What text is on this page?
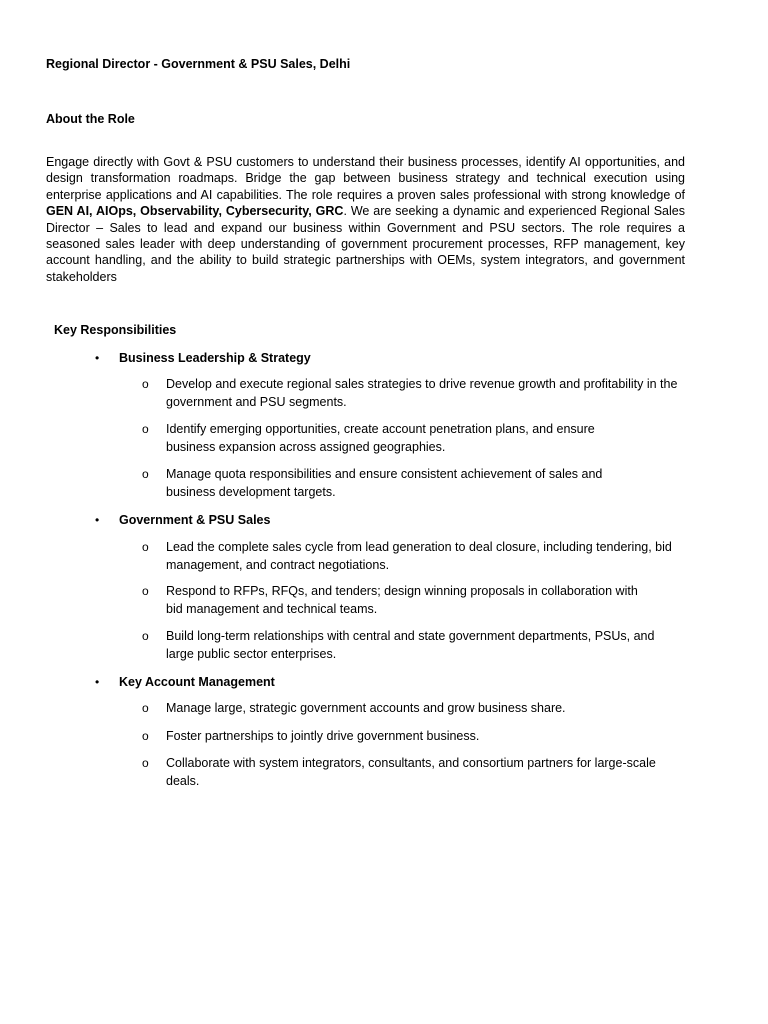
Regional Director - Government & PSU Sales, Delhi
About the Role
Engage directly with Govt & PSU customers to understand their business processes, identify AI opportunities, and design transformation roadmaps. Bridge the gap between business strategy and technical execution using enterprise applications and AI capabilities. The role requires a proven sales professional with strong knowledge of GEN AI, AIOps, Observability, Cybersecurity, GRC. We are seeking a dynamic and experienced Regional Sales Director – Sales to lead and expand our business within Government and PSU sectors. The role requires a seasoned sales leader with deep understanding of government procurement processes, RFP management, key account handling, and the ability to build strategic partnerships with OEMs, system integrators, and government stakeholders
Key Responsibilities
• Business Leadership & Strategy
o Develop and execute regional sales strategies to drive revenue growth and profitability in the government and PSU segments.
o Identify emerging opportunities, create account penetration plans, and ensure business expansion across assigned geographies.
o Manage quota responsibilities and ensure consistent achievement of sales and business development targets.
• Government & PSU Sales
o Lead the complete sales cycle from lead generation to deal closure, including tendering, bid management, and contract negotiations.
o Respond to RFPs, RFQs, and tenders; design winning proposals in collaboration with bid management and technical teams.
o Build long-term relationships with central and state government departments, PSUs, and large public sector enterprises.
• Key Account Management
o Manage large, strategic government accounts and grow business share.
o Foster partnerships to jointly drive government business.
o Collaborate with system integrators, consultants, and consortium partners for large-scale deals.
